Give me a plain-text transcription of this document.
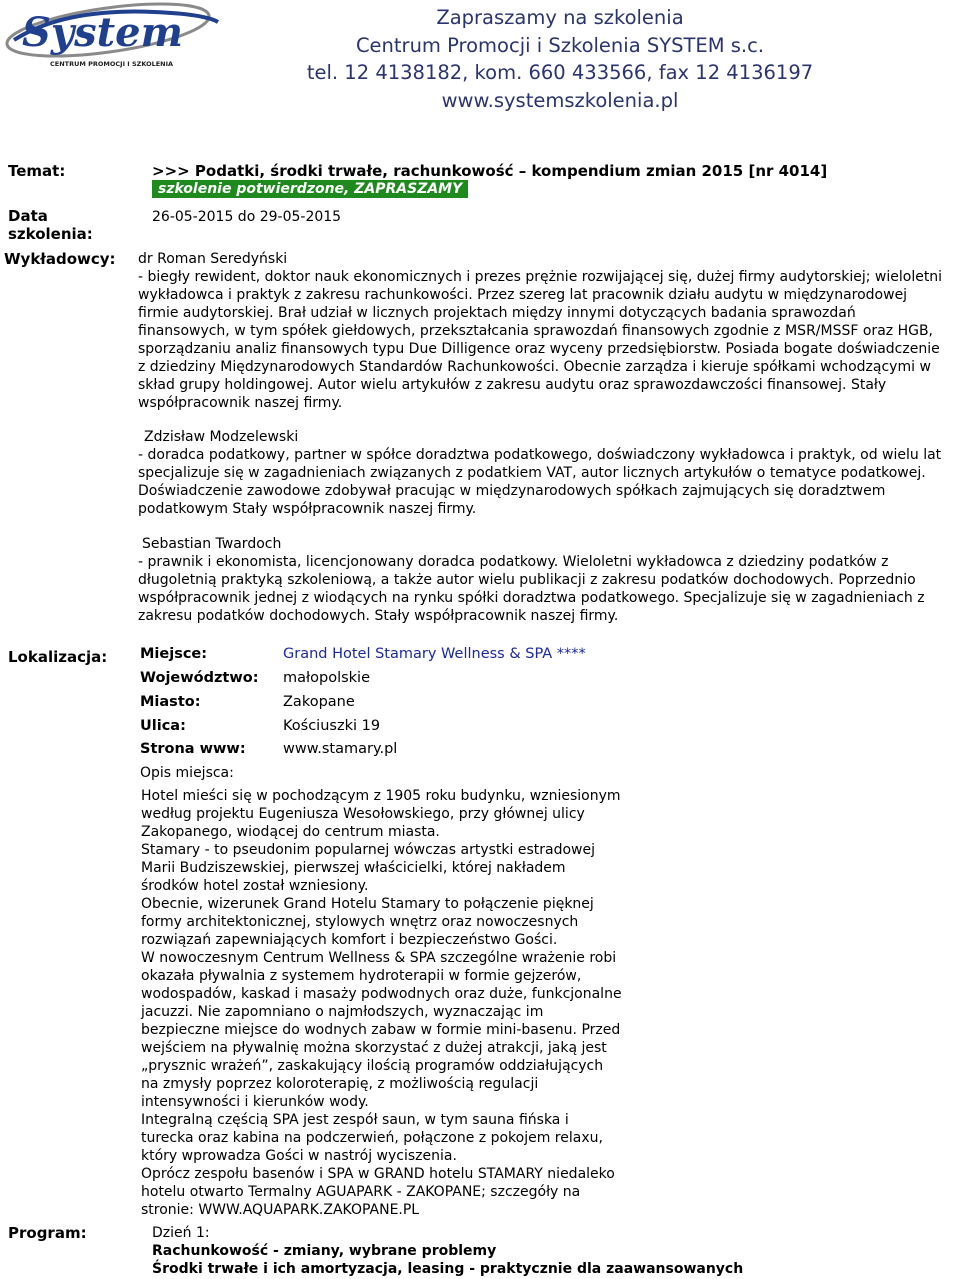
System
CENTRUM PROMOCJI I SZKOLENIA
Zapraszamy na szkolenia
Centrum Promocji i Szkolenia SYSTEM s.c.
tel. 12 4138182, kom. 660 433566, fax 12 4136197
www.systemszkolenia.pl
Temat:	>>> Podatki, środki trwałe, rachunkowość – kompendium zmian 2015 [nr 4014]
szkolenie potwierdzone, ZAPRASZAMY
Data
szkolenia:
26-05-2015 do 29-05-2015
Wykładowcy: dr Roman Seredyński
- biegły rewident, doktor nauk ekonomicznych i prezes prężnie rozwijającej się, dużej firmy audytorskiej; wieloletni
wykładowca i praktyk z zakresu rachunkowości. Przez szereg lat pracownik działu audytu w międzynarodowej
firmie audytorskiej. Brał udział w licznych projektach między innymi dotyczących badania sprawozdań
finansowych, w tym spółek giełdowych, przekształcania sprawozdań finansowych zgodnie z MSR/MSSF oraz HGB,
sporządzaniu analiz finansowych typu Due Dilligence oraz wyceny przedsiębiorstw. Posiada bogate doświadczenie
z dziedziny Międzynarodowych Standardów Rachunkowości. Obecnie zarządza i kieruje spółkami wchodzącymi w
skład grupy holdingowej. Autor wielu artykułów z zakresu audytu oraz sprawozdawczości finansowej. Stały
współpracownik naszej firmy.
Zdzisław Modzelewski
- doradca podatkowy, partner w spółce doradztwa podatkowego, doświadczony wykładowca i praktyk, od wielu lat
specjalizuje się w zagadnieniach związanych z podatkiem VAT, autor licznych artykułów o tematyce podatkowej.
Doświadczenie zawodowe zdobywał pracując w międzynarodowych spółkach zajmujących się doradztwem
podatkowym Stały współpracownik naszej firmy.
Sebastian Twardoch
- prawnik i ekonomista, licencjonowany doradca podatkowy. Wieloletni wykładowca z dziedziny podatków z
długoletnią praktyką szkoleniową, a także autor wielu publikacji z zakresu podatków dochodowych. Poprzednio
współpracownik jednej z wiodących na rynku spółki doradztwa podatkowego. Specjalizuje się w zagadnieniach z
zakresu podatków dochodowych. Stały współpracownik naszej firmy.
Lokalizacja: Miejsce:	Grand Hotel Stamary Wellness & SPA ****
Województwo: małopolskie
Miasto:	Zakopane
Ulica:	Kościuszki 19
Strona www:	www.stamary.pl
Opis miejsca:
Hotel mieści się w pochodzącym z 1905 roku budynku, wzniesionym
według projektu Eugeniusza Wesołowskiego, przy głównej ulicy
Zakopanego, wiodącej do centrum miasta.
Stamary - to pseudonim popularnej wówczas artystki estradowej
Marii Budziszewskiej, pierwszej właścicielki, której nakładem
środków hotel został wzniesiony.
Obecnie, wizerunek Grand Hotelu Stamary to połączenie pięknej
formy architektonicznej, stylowych wnętrz oraz nowoczesnych
rozwiązań zapewniających komfort i bezpieczeństwo Gości.
W nowoczesnym Centrum Wellness & SPA szczególne wrażenie robi
okazała pływalnia z systemem hydroterapii w formie gejzerów,
wodospadów, kaskad i masaży podwodnych oraz duże, funkcjonalne
jacuzzi. Nie zapomniano o najmłodszych, wyznaczając im
bezpieczne miejsce do wodnych zabaw w formie mini-basenu. Przed
wejściem na pływalnię można skorzystać z dużej atrakcji, jaką jest
„prysznic wrażeń”, zaskakujący ilością programów oddziałujących
na zmysły poprzez koloroterapię, z możliwością regulacji
intensywności i kierunków wody.
Integralną częścią SPA jest zespół saun, w tym sauna fińska i
turecka oraz kabina na podczerwień, połączone z pokojem relaxu,
który wprowadza Gości w nastrój wyciszenia.
Oprócz zespołu basenów i SPA w GRAND hotelu STAMARY niedaleko
hotelu otwarto Termalny AGUAPARK - ZAKOPANE; szczegóły na
stronie: WWW.AQUAPARK.ZAKOPANE.PL
Program:	Dzień 1:
Rachunkowość - zmiany, wybrane problemy
Środki trwałe i ich amortyzacja, leasing - praktycznie dla zaawansowanych
